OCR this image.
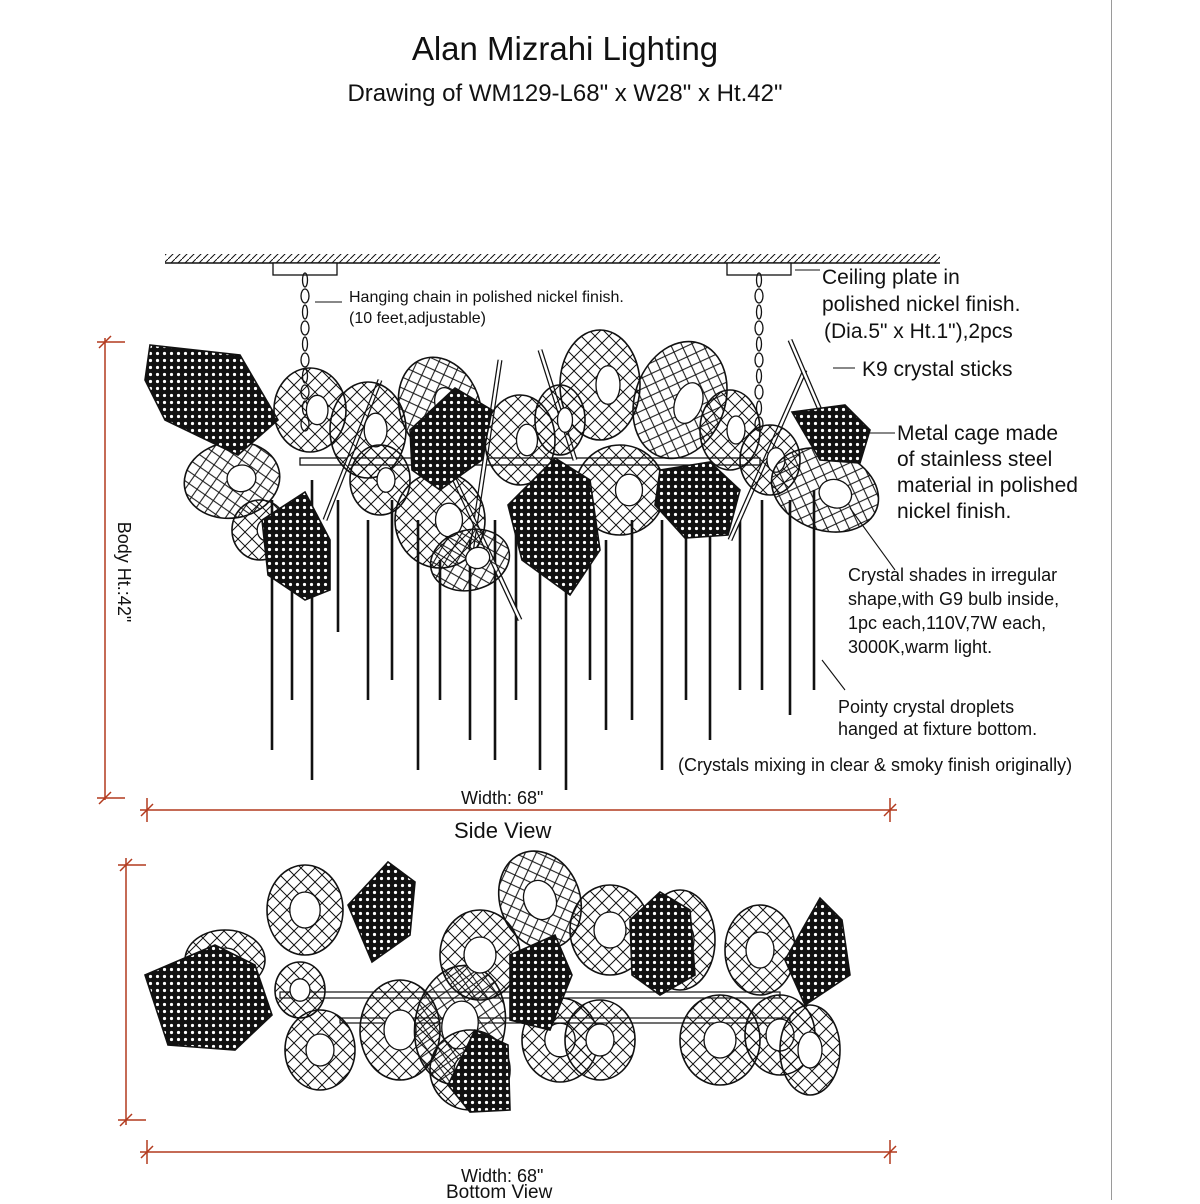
Alan Mizrahi Lighting
Drawing of WM129-L68" x W28" x Ht.42"
Hanging chain in polished nickel finish.
(10 feet,adjustable)
Ceiling plate in
polished nickel finish.
(Dia.5" x Ht.1"),2pcs
K9 crystal sticks
Metal cage made
of stainless steel
material in polished
nickel finish.
Crystal shades in irregular
shape,with G9 bulb inside,
1pc each,110V,7W each,
3000K,warm light.
Pointy crystal droplets
hanged at fixture bottom.
(Crystals mixing in clear & smoky finish originally)
Width: 68"
Side View
Body Ht.:42"
Width: 68"
Bottom View
